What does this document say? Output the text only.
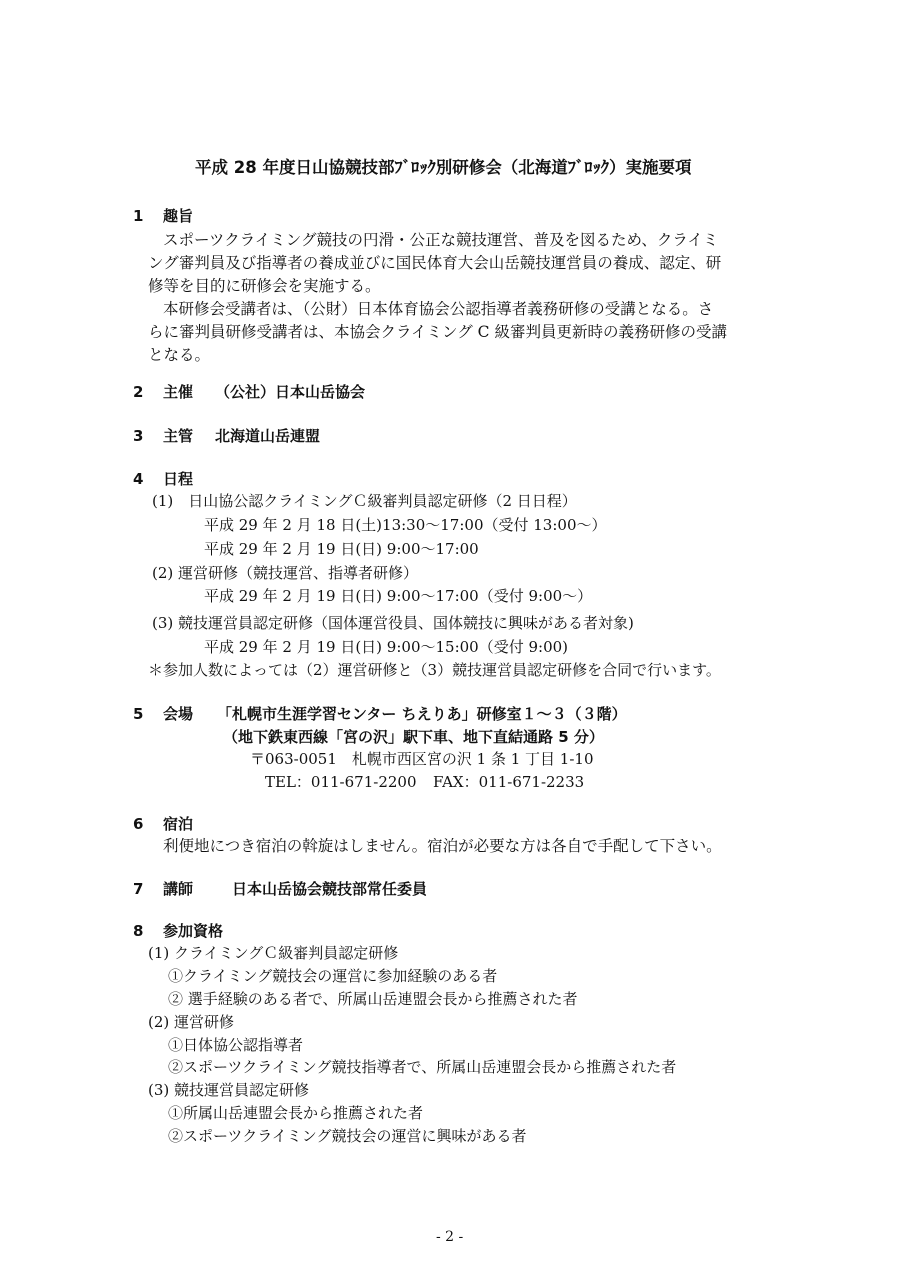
平成 28 年度日山協競技部ﾌﾞﾛｯｸ別研修会（北海道ﾌﾞﾛｯｸ）実施要項
1 趣旨
スポーツクライミング競技の円滑・公正な競技運営、普及を図るため、クライミ
ング審判員及び指導者の養成並びに国民体育大会山岳競技運営員の養成、認定、研
修等を目的に研修会を実施する。
本研修会受講者は、（公財）日本体育協会公認指導者義務研修の受講となる。さ
らに審判員研修受講者は、本協会クライミング C 級審判員更新時の義務研修の受講
となる。
2 主催 （公社）日本山岳協会
3 主管 北海道山岳連盟
4 日程
(1)　日山協公認クライミングＣ級審判員認定研修（2 日日程）
平成 29 年 2 月 18 日(土)13:30〜17:00（受付 13:00〜）
平成 29 年 2 月 19 日(日) 9:00〜17:00
(2) 運営研修（競技運営、指導者研修）
平成 29 年 2 月 19 日(日) 9:00〜17:00（受付 9:00〜）
(3) 競技運営員認定研修（国体運営役員、国体競技に興味がある者対象)
平成 29 年 2 月 19 日(日) 9:00〜15:00（受付 9:00)
＊参加人数によっては（2）運営研修と（3）競技運営員認定研修を合同で行います。
5 会場 「札幌市生涯学習センター ちえりあ」研修室１〜３（３階）
（地下鉄東西線「宮の沢」駅下車、地下直結通路 5 分）
〒063-0051　札幌市西区宮の沢 1 条 1 丁目 1-10
TEL：011-671-2200 FAX：011-671-2233
6 宿泊
利便地につき宿泊の斡旋はしません。宿泊が必要な方は各自で手配して下さい。
7 講師	日本山岳協会競技部常任委員
8 参加資格
(1) クライミングＣ級審判員認定研修
①クライミング競技会の運営に参加経験のある者
② 選手経験のある者で、所属山岳連盟会長から推薦された者
(2) 運営研修
①日体協公認指導者
②スポーツクライミング競技指導者で、所属山岳連盟会長から推薦された者
(3) 競技運営員認定研修
①所属山岳連盟会長から推薦された者
②スポーツクライミング競技会の運営に興味がある者
- 2 -
